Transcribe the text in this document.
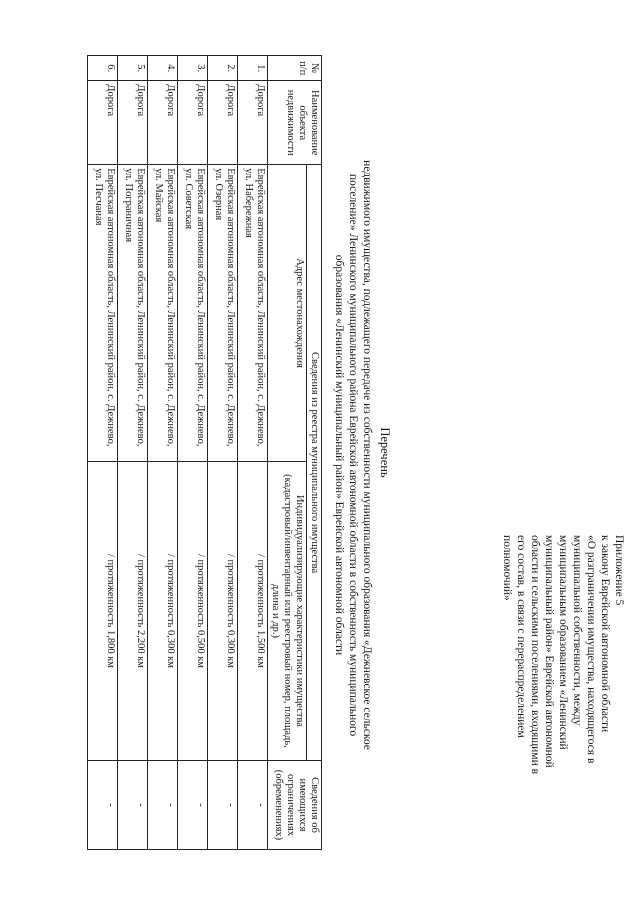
Приложение 5
к закону Еврейской автономной области
«О разграничении имущества, находящегося в
муниципальной собственности, между
муниципальным образованием «Ленинский
муниципальный район» Еврейской автономной
области и сельскими поселениями, входящими в
его состав, в связи с перераспределением
полномочий»
Перечень
недвижимого имущества, подлежащего передаче из собственности муниципального образования «Дежневское сельское
поселение» Ленинского муниципального района Еврейской автономной области в собственность муниципального
образования «Ленинский муниципальный район» Еврейской автономной области
№ п/п	Наименование объекта недвижимости	Сведения из реестра муниципального имущества		Сведения об имеющихся ограничениях (обременениях)
		Адрес местонахождения	Индивидуализирующие характеристики имущества (кадастровый/инвентарный или реестровый номер, площадь, длина и др.)	
1.	Дорога	Еврейская автономная область, Ленинский район, с. Дежнево, ул. Набережная	/ протяженность 1,500 км	-
2.	Дорога	Еврейская автономная область, Ленинский район, с. Дежнево, ул. Озерная	/ протяженность 0,300 км	-
3.	Дорога	Еврейская автономная область, Ленинский район, с. Дежнево, ул. Советская	/ протяженность 0,500 км	-
4.	Дорога	Еврейская автономная область, Ленинский район, с. Дежнево, ул. Майская	/ протяженность 0,300 км	-
5.	Дорога	Еврейская автономная область, Ленинский район, с. Дежнево, ул. Пограничная	/ протяженность 2,200 км	-
6.	Дорога	Еврейская автономная область, Ленинский район, с. Дежнево, ул. Песчаная	/ протяженность 1,800 км	-
